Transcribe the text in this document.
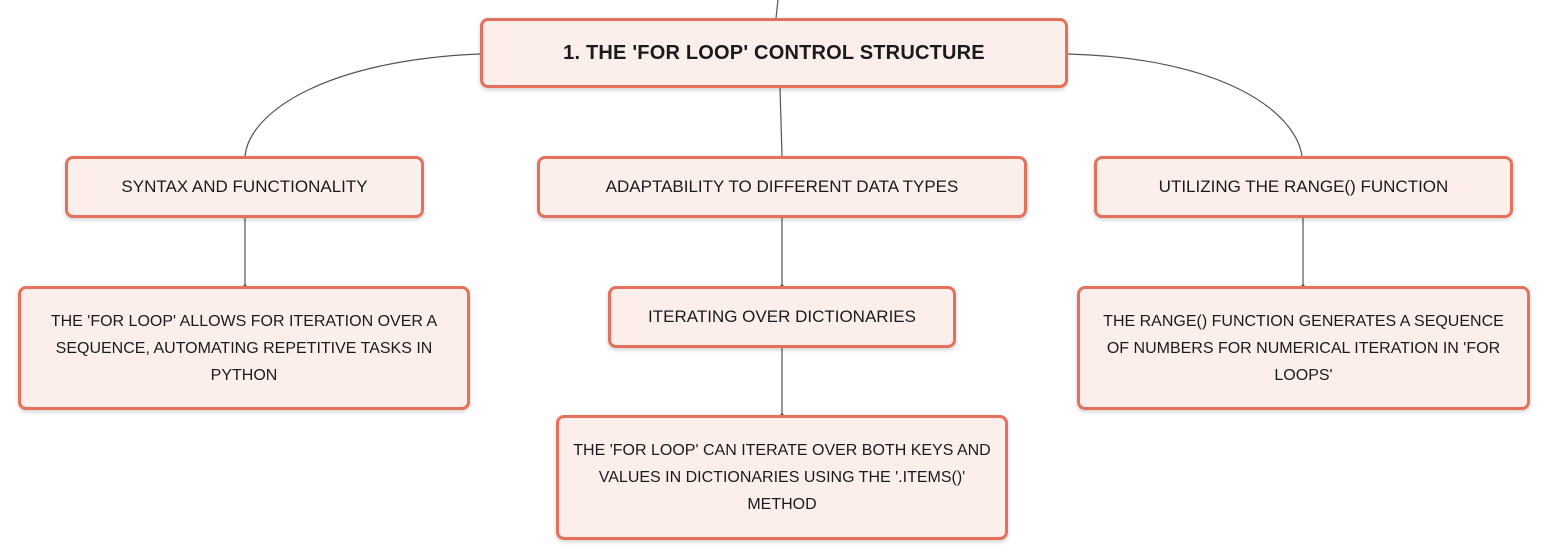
1. THE 'FOR LOOP' CONTROL STRUCTURE
SYNTAX AND FUNCTIONALITY	ADAPTABILITY TO DIFFERENT DATA TYPES	UTILIZING THE RANGE() FUNCTION
THE 'FOR LOOP' ALLOWS FOR ITERATION OVER A SEQUENCE, AUTOMATING REPETITIVE TASKS IN PYTHON
ITERATING OVER DICTIONARIES
THE 'FOR LOOP' CAN ITERATE OVER BOTH KEYS AND VALUES IN DICTIONARIES USING THE '.ITEMS()' METHOD
THE RANGE() FUNCTION GENERATES A SEQUENCE OF NUMBERS FOR NUMERICAL ITERATION IN 'FOR LOOPS'
